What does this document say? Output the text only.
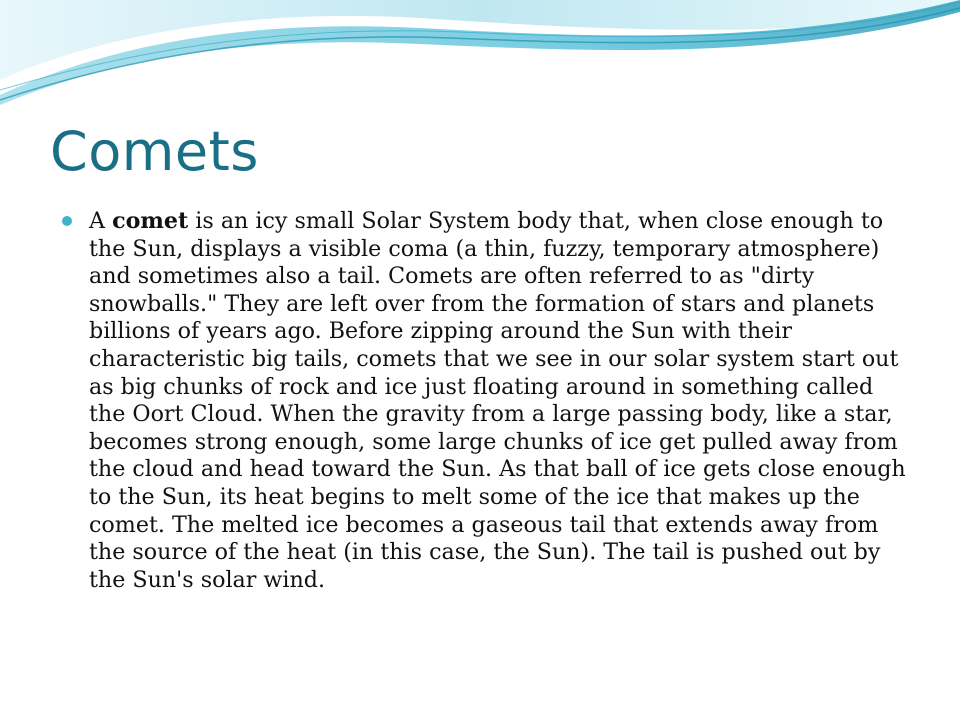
Comets
A comet is an icy small Solar System body that, when close enough to the Sun, displays a visible coma (a thin, fuzzy, temporary atmosphere) and sometimes also a tail. Comets are often referred to as "dirty snowballs." They are left over from the formation of stars and planets billions of years ago. Before zipping around the Sun with their characteristic big tails, comets that we see in our solar system start out as big chunks of rock and ice just floating around in something called the Oort Cloud. When the gravity from a large passing body, like a star, becomes strong enough, some large chunks of ice get pulled away from the cloud and head toward the Sun. As that ball of ice gets close enough to the Sun, its heat begins to melt some of the ice that makes up the comet. The melted ice becomes a gaseous tail that extends away from the source of the heat (in this case, the Sun). The tail is pushed out by the Sun's solar wind.
